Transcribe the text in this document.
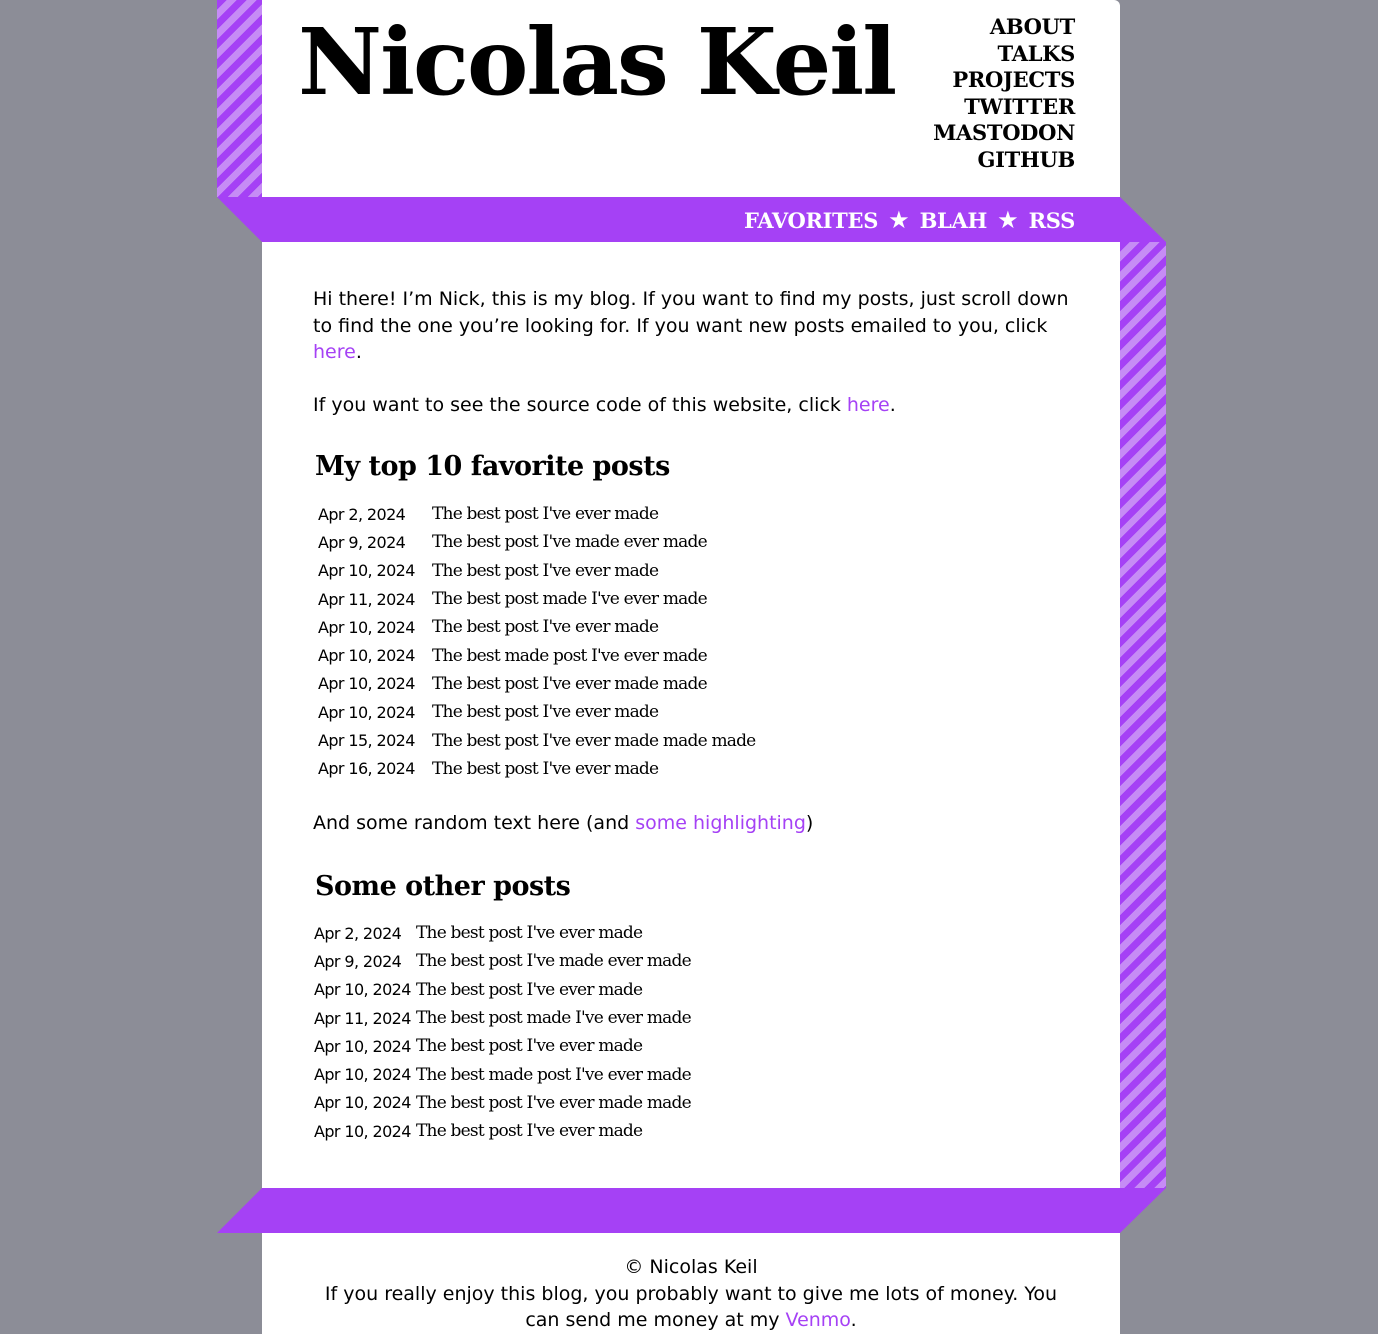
Nicolas Keil	ABOUT
TALKS
PROJECTS
TWITTER
MASTODON
GITHUB
FAVORITES ★ BLAH ★ RSS

Hi there! I’m Nick, this is my blog. If you want to find my posts, just scroll down to find the one you’re looking for. If you want new posts emailed to you, click here.

If you want to see the source code of this website, click here.

My top 10 favorite posts
Apr 2, 2024	The best post I've ever made
Apr 9, 2024	The best post I've made ever made
Apr 10, 2024	The best post I've ever made
Apr 11, 2024	The best post made I've ever made
Apr 10, 2024	The best post I've ever made
Apr 10, 2024	The best made post I've ever made
Apr 10, 2024	The best post I've ever made made
Apr 10, 2024	The best post I've ever made
Apr 15, 2024	The best post I've ever made made made
Apr 16, 2024	The best post I've ever made

And some random text here (and some highlighting)

Some other posts
Apr 2, 2024 The best post I've ever made
Apr 9, 2024 The best post I've made ever made
Apr 10, 2024 The best post I've ever made
Apr 11, 2024 The best post made I've ever made
Apr 10, 2024 The best post I've ever made
Apr 10, 2024 The best made post I've ever made
Apr 10, 2024 The best post I've ever made made
Apr 10, 2024 The best post I've ever made

© Nicolas Keil

If you really enjoy this blog, you probably want to give me lots of money. You can send me money at my Venmo.
